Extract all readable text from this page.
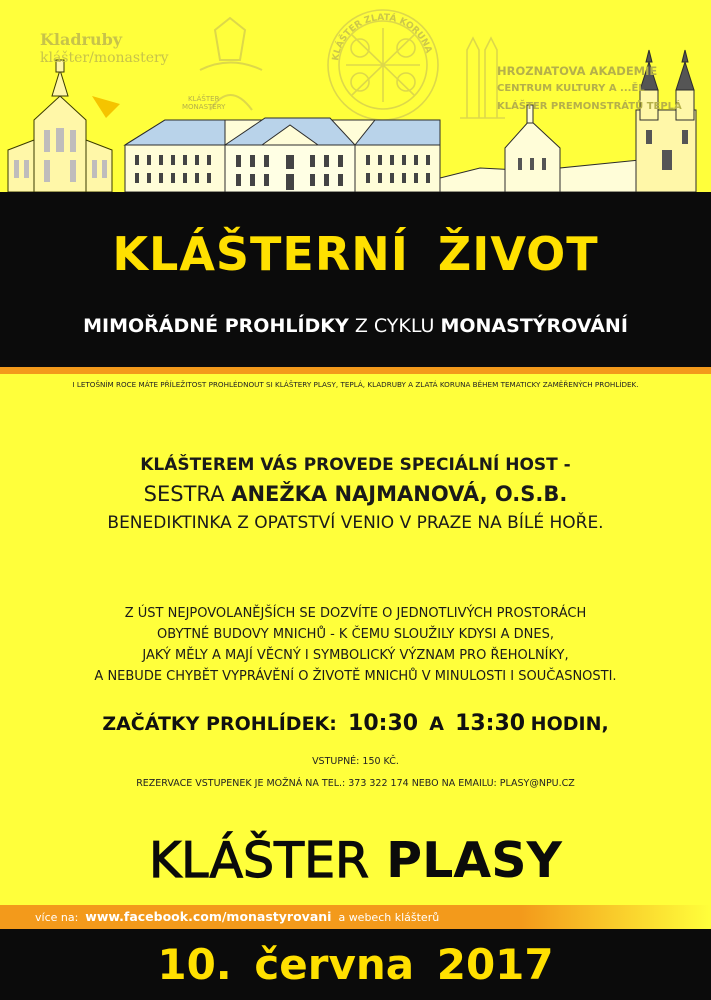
Kladruby
klášter/monastery
KLÁŠTER
MONASTERY
KLÁŠTER ZLATÁ KORUNA
HROZNATOVA AKADEMIE
CENTRUM KULTURY A ...ĚL
KLÁŠTER PREMONSTRÁTŮ TEPLÁ
KLÁŠTERNÍ ŽIVOT
MIMOŘÁDNÉ PROHLÍDKY Z CYKLU MONASTÝROVÁNÍ
I LETOŠNÍM ROCE MÁTE PŘÍLEŽITOST PROHLÉDNOUT SI KLÁŠTERY PLASY, TEPLÁ, KLADRUBY A ZLATÁ KORUNA BĚHEM TEMATICKY ZAMĚŘENÝCH PROHLÍDEK.
KLÁŠTEREM VÁS PROVEDE SPECIÁLNÍ HOST -
SESTRA ANEŽKA NAJMANOVÁ, O.S.B.
BENEDIKTINKA Z OPATSTVÍ VENIO V PRAZE NA BÍLÉ HOŘE.
Z ÚST NEJPOVOLANĚJŠÍCH SE DOZVÍTE O JEDNOTLIVÝCH PROSTORÁCH
OBYTNÉ BUDOVY MNICHŮ - K ČEMU SLOUŽILY KDYSI A DNES,
JAKÝ MĚLY A MAJÍ VĚCNÝ I SYMBOLICKÝ VÝZNAM PRO ŘEHOLNÍKY,
A NEBUDE CHYBĚT VYPRÁVĚNÍ O ŽIVOTĚ MNICHŮ V MINULOSTI I SOUČASNOSTI.
ZAČÁTKY PROHLÍDEK: 10:30 A 13:30 HODIN,
VSTUPNÉ: 150 KČ.
REZERVACE VSTUPENEK JE MOŽNÁ NA TEL.: 373 322 174 NEBO NA EMAILU: PLASY@NPU.CZ
KLÁŠTER PLASY
více na: www.facebook.com/monastyrovani a webech klášterů
10. června 2017
